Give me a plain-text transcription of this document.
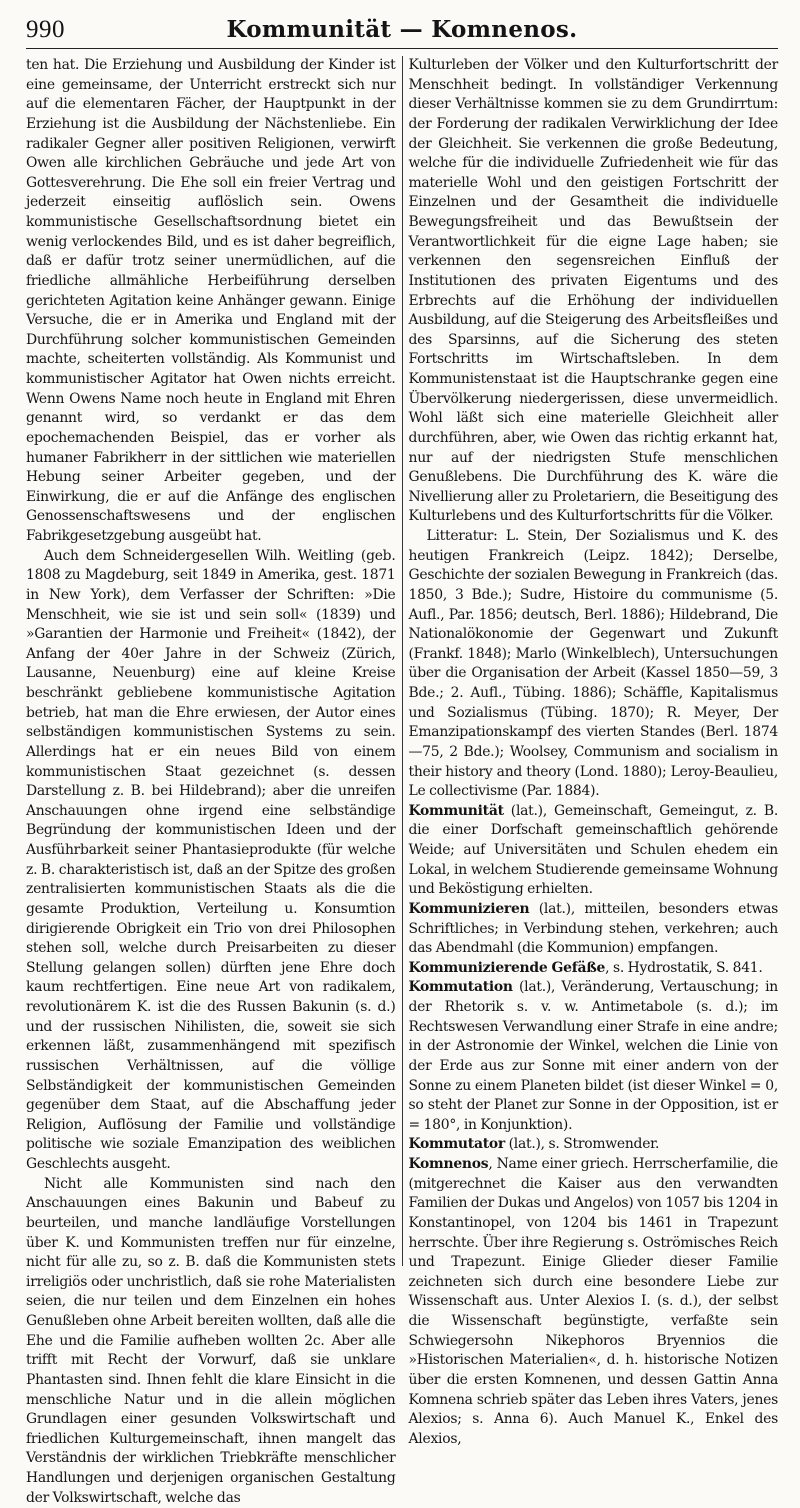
990	Kommunität — Komnenos.

ten hat. Die Erziehung und Ausbildung der Kinder ist eine gemeinsame, der Unterricht erstreckt sich nur auf die elementaren Fächer, der Hauptpunkt in der Erziehung ist die Ausbildung der Nächstenliebe. Ein radikaler Gegner aller positiven Religionen, verwirft Owen alle kirchlichen Gebräuche und jede Art von Gottesverehrung. Die Ehe soll ein freier Vertrag und jederzeit einseitig auflöslich sein. Owens kommunistische Gesellschaftsordnung bietet ein wenig verlockendes Bild, und es ist daher begreiflich, daß er dafür trotz seiner unermüdlichen, auf die friedliche allmähliche Herbeiführung derselben gerichteten Agitation keine Anhänger gewann. Einige Versuche, die er in Amerika und England mit der Durchführung solcher kommunistischen Gemeinden machte, scheiterten vollständig. Als Kommunist und kommunistischer Agitator hat Owen nichts erreicht. Wenn Owens Name noch heute in England mit Ehren genannt wird, so verdankt er das dem epochemachenden Beispiel, das er vorher als humaner Fabrikherr in der sittlichen wie materiellen Hebung seiner Arbeiter gegeben, und der Einwirkung, die er auf die Anfänge des englischen Genossenschaftswesens und der englischen Fabrikgesetzgebung ausgeübt hat.

Auch dem Schneidergesellen Wilh. Weitling (geb. 1808 zu Magdeburg, seit 1849 in Amerika, gest. 1871 in New York), dem Verfasser der Schriften: »Die Menschheit, wie sie ist und sein soll« (1839) und »Garantien der Harmonie und Freiheit« (1842), der Anfang der 40er Jahre in der Schweiz (Zürich, Lausanne, Neuenburg) eine auf kleine Kreise beschränkt gebliebene kommunistische Agitation betrieb, hat man die Ehre erwiesen, der Autor eines selbständigen kommunistischen Systems zu sein. Allerdings hat er ein neues Bild von einem kommunistischen Staat gezeichnet (s. dessen Darstellung z. B. bei Hildebrand); aber die unreifen Anschauungen ohne irgend eine selbständige Begründung der kommunistischen Ideen und der Ausführbarkeit seiner Phantasieprodukte (für welche z. B. charakteristisch ist, daß an der Spitze des großen zentralisierten kommunistischen Staats als die die gesamte Produktion, Verteilung u. Konsumtion dirigierende Obrigkeit ein Trio von drei Philosophen stehen soll, welche durch Preisarbeiten zu dieser Stellung gelangen sollen) dürften jene Ehre doch kaum rechtfertigen. Eine neue Art von radikalem, revolutionärem K. ist die des Russen Bakunin (s. d.) und der russischen Nihilisten, die, soweit sie sich erkennen läßt, zusammenhängend mit spezifisch russischen Verhältnissen, auf die völlige Selbständigkeit der kommunistischen Gemeinden gegenüber dem Staat, auf die Abschaffung jeder Religion, Auflösung der Familie und vollständige politische wie soziale Emanzipation des weiblichen Geschlechts ausgeht.

Nicht alle Kommunisten sind nach den Anschauungen eines Bakunin und Babeuf zu beurteilen, und manche landläufige Vorstellungen über K. und Kommunisten treffen nur für einzelne, nicht für alle zu, so z. B. daß die Kommunisten stets irreligiös oder unchristlich, daß sie rohe Materialisten seien, die nur teilen und dem Einzelnen ein hohes Genußleben ohne Arbeit bereiten wollten, daß alle die Ehe und die Familie aufheben wollten 2c. Aber alle trifft mit Recht der Vorwurf, daß sie unklare Phantasten sind. Ihnen fehlt die klare Einsicht in die menschliche Natur und in die allein möglichen Grundlagen einer gesunden Volkswirtschaft und friedlichen Kulturgemeinschaft, ihnen mangelt das Verständnis der wirklichen Triebkräfte menschlicher Handlungen und derjenigen organischen Gestaltung der Volkswirtschaft, welche das

Kulturleben der Völker und den Kulturfortschritt der Menschheit bedingt. In vollständiger Verkennung dieser Verhältnisse kommen sie zu dem Grundirrtum: der Forderung der radikalen Verwirklichung der Idee der Gleichheit. Sie verkennen die große Bedeutung, welche für die individuelle Zufriedenheit wie für das materielle Wohl und den geistigen Fortschritt der Einzelnen und der Gesamtheit die individuelle Bewegungsfreiheit und das Bewußtsein der Verantwortlichkeit für die eigne Lage haben; sie verkennen den segensreichen Einfluß der Institutionen des privaten Eigentums und des Erbrechts auf die Erhöhung der individuellen Ausbildung, auf die Steigerung des Arbeitsfleißes und des Sparsinns, auf die Sicherung des steten Fortschritts im Wirtschaftsleben. In dem Kommunistenstaat ist die Hauptschranke gegen eine Übervölkerung niedergerissen, diese unvermeidlich. Wohl läßt sich eine materielle Gleichheit aller durchführen, aber, wie Owen das richtig erkannt hat, nur auf der niedrigsten Stufe menschlichen Genußlebens. Die Durchführung des K. wäre die Nivellierung aller zu Proletariern, die Beseitigung des Kulturlebens und des Kulturfortschritts für die Völker.

Litteratur: L. Stein, Der Sozialismus und K. des heutigen Frankreich (Leipz. 1842); Derselbe, Geschichte der sozialen Bewegung in Frankreich (das. 1850, 3 Bde.); Sudre, Histoire du communisme (5. Aufl., Par. 1856; deutsch, Berl. 1886); Hildebrand, Die Nationalökonomie der Gegenwart und Zukunft (Frankf. 1848); Marlo (Winkelblech), Untersuchungen über die Organisation der Arbeit (Kassel 1850—59, 3 Bde.; 2. Aufl., Tübing. 1886); Schäffle, Kapitalismus und Sozialismus (Tübing. 1870); R. Meyer, Der Emanzipationskampf des vierten Standes (Berl. 1874—75, 2 Bde.); Woolsey, Communism and socialism in their history and theory (Lond. 1880); Leroy-Beaulieu, Le collectivisme (Par. 1884).

Kommunität (lat.), Gemeinschaft, Gemeingut, z. B. die einer Dorfschaft gemeinschaftlich gehörende Weide; auf Universitäten und Schulen ehedem ein Lokal, in welchem Studierende gemeinsame Wohnung und Beköstigung erhielten.

Kommunizieren (lat.), mitteilen, besonders etwas Schriftliches; in Verbindung stehen, verkehren; auch das Abendmahl (die Kommunion) empfangen.

Kommunizierende Gefäße, s. Hydrostatik, S. 841.

Kommutation (lat.), Veränderung, Vertauschung; in der Rhetorik s. v. w. Antimetabole (s. d.); im Rechtswesen Verwandlung einer Strafe in eine andre; in der Astronomie der Winkel, welchen die Linie von der Erde aus zur Sonne mit einer andern von der Sonne zu einem Planeten bildet (ist dieser Winkel = 0, so steht der Planet zur Sonne in der Opposition, ist er = 180°, in Konjunktion).

Kommutator (lat.), s. Stromwender.

Komnenos, Name einer griech. Herrscherfamilie, die (mitgerechnet die Kaiser aus den verwandten Familien der Dukas und Angelos) von 1057 bis 1204 in Konstantinopel, von 1204 bis 1461 in Trapezunt herrschte. Über ihre Regierung s. Oströmisches Reich und Trapezunt. Einige Glieder dieser Familie zeichneten sich durch eine besondere Liebe zur Wissenschaft aus. Unter Alexios I. (s. d.), der selbst die Wissenschaft begünstigte, verfaßte sein Schwiegersohn Nikephoros Bryennios die »Historischen Materialien«, d. h. historische Notizen über die ersten Komnenen, und dessen Gattin Anna Komnena schrieb später das Leben ihres Vaters, jenes Alexios; s. Anna 6). Auch Manuel K., Enkel des Alexios,
